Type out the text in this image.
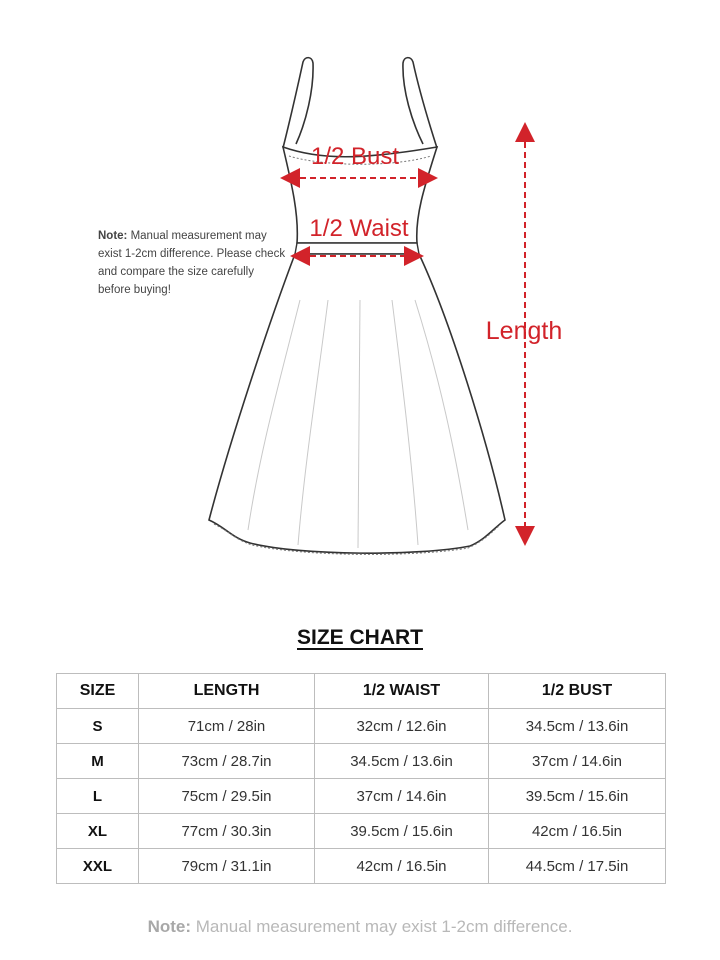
1/2 Bust
1/2 Waist
Length
Note: Manual measurement may exist 1-2cm difference. Please check and compare the size carefully before buying!
SIZE CHART
SIZE	LENGTH	1/2 WAIST	1/2 BUST
S	71cm / 28in	32cm / 12.6in	34.5cm / 13.6in
M	73cm / 28.7in	34.5cm / 13.6in	37cm / 14.6in
L	75cm / 29.5in	37cm / 14.6in	39.5cm / 15.6in
XL	77cm / 30.3in	39.5cm / 15.6in	42cm / 16.5in
XXL	79cm / 31.1in	42cm / 16.5in	44.5cm / 17.5in
Note: Manual measurement may exist 1-2cm difference.
